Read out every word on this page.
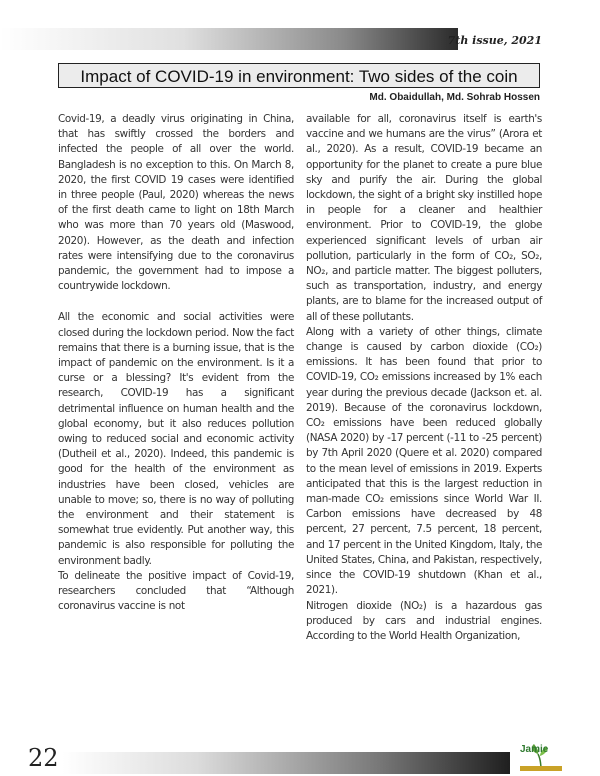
7th issue, 2021
Impact of COVID-19 in environment: Two sides of the coin
Md. Obaidullah, Md. Sohrab Hossen

Covid-19, a deadly virus originating in China, that has swiftly crossed the borders and infected the people of all over the world. Bangladesh is no exception to this. On March 8, 2020, the first COVID 19 cases were identified in three people (Paul, 2020) whereas the news of the first death came to light on 18th March who was more than 70 years old (Maswood, 2020). However, as the death and infection rates were intensifying due to the coronavirus pandemic, the government had to impose a countrywide lockdown.

All the economic and social activities were closed during the lockdown period. Now the fact remains that there is a burning issue, that is the impact of pandemic on the environment. Is it a curse or a blessing? It's evident from the research, COVID-19 has a significant detrimental influence on human health and the global economy, but it also reduces pollution owing to reduced social and economic activity (Dutheil et al., 2020). Indeed, this pandemic is good for the health of the environment as industries have been closed, vehicles are unable to move; so, there is no way of polluting the environment and their statement is somewhat true evidently. Put another way, this pandemic is also responsible for polluting the environment badly.

To delineate the positive impact of Covid-19, researchers concluded that “Although coronavirus vaccine is not

available for all, coronavirus itself is earth's vaccine and we humans are the virus” (Arora et al., 2020). As a result, COVID-19 became an opportunity for the planet to create a pure blue sky and purify the air. During the global lockdown, the sight of a bright sky instilled hope in people for a cleaner and healthier environment. Prior to COVID-19, the globe experienced significant levels of urban air pollution, particularly in the form of CO₂, SO₂, NO₂, and particle matter. The biggest polluters, such as transportation, industry, and energy plants, are to blame for the increased output of all of these pollutants.

Along with a variety of other things, climate change is caused by carbon dioxide (CO₂) emissions. It has been found that prior to COVID-19, CO₂ emissions increased by 1% each year during the previous decade (Jackson et. al. 2019). Because of the coronavirus lockdown, CO₂ emissions have been reduced globally (NASA 2020) by -17 percent (-11 to -25 percent) by 7th April 2020 (Quere et al. 2020) compared to the mean level of emissions in 2019. Experts anticipated that this is the largest reduction in man-made CO₂ emissions since World War II. Carbon emissions have decreased by 48 percent, 27 percent, 7.5 percent, 18 percent, and 17 percent in the United Kingdom, Italy, the United States, China, and Pakistan, respectively, since the COVID-19 shutdown (Khan et al., 2021).

Nitrogen dioxide (NO₂) is a hazardous gas produced by cars and industrial engines. According to the World Health Organization,

22	Jamie
